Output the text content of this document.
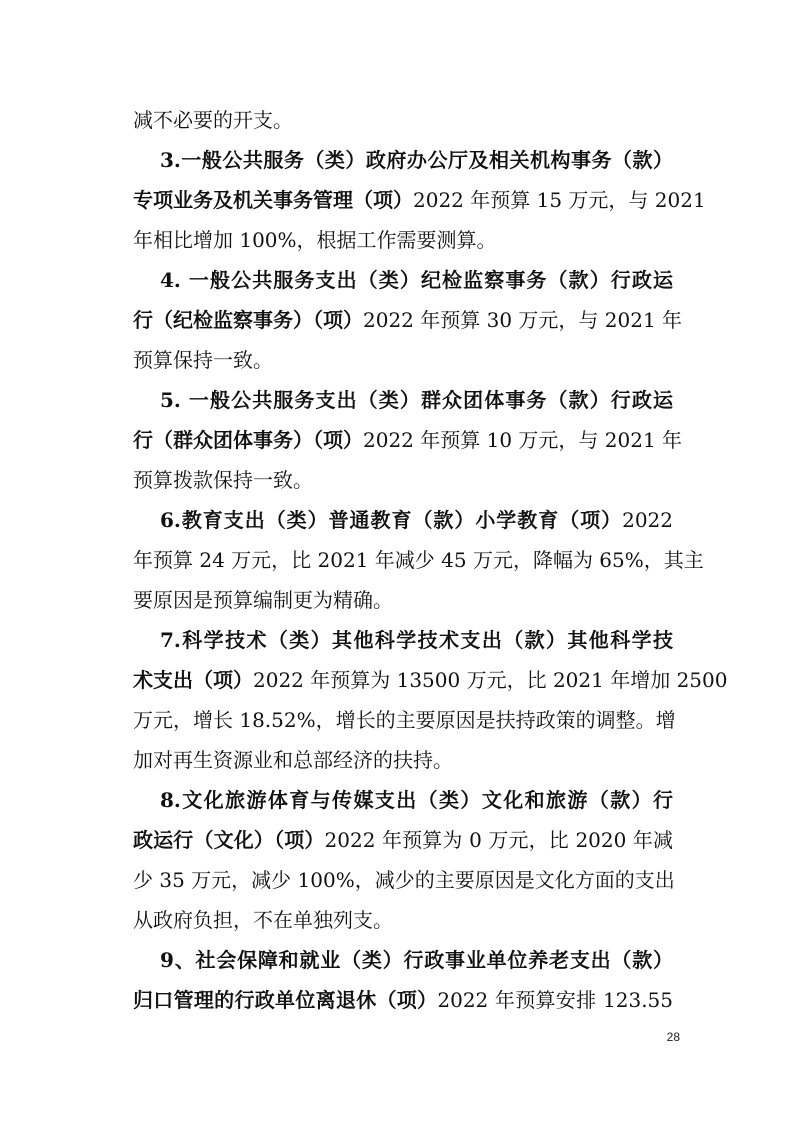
减不必要的开支。
3.一般公共服务（类）政府办公厅及相关机构事务（款）
专项业务及机关事务管理（项）2022 年预算 15 万元，与 2021
年相比增加 100%，根据工作需要测算。
4. 一般公共服务支出（类）纪检监察事务（款）行政运
行（纪检监察事务）（项）2022 年预算 30 万元，与 2021 年
预算保持一致。
5. 一般公共服务支出（类）群众团体事务（款）行政运
行（群众团体事务）（项）2022 年预算 10 万元，与 2021 年
预算拨款保持一致。
6.教育支出（类）普通教育（款）小学教育（项）2022
年预算 24 万元，比 2021 年减少 45 万元，降幅为 65%，其主
要原因是预算编制更为精确。
7.科学技术（类）其他科学技术支出（款）其他科学技
术支出（项）2022 年预算为 13500 万元，比 2021 年增加 2500
万元，增长 18.52%，增长的主要原因是扶持政策的调整。增
加对再生资源业和总部经济的扶持。
8.文化旅游体育与传媒支出（类）文化和旅游（款）行
政运行（文化）（项）2022 年预算为 0 万元，比 2020 年减
少 35 万元，减少 100%，减少的主要原因是文化方面的支出
从政府负担，不在单独列支。
9、社会保障和就业（类）行政事业单位养老支出（款）
归口管理的行政单位离退休（项）2022 年预算安排 123.55
28
